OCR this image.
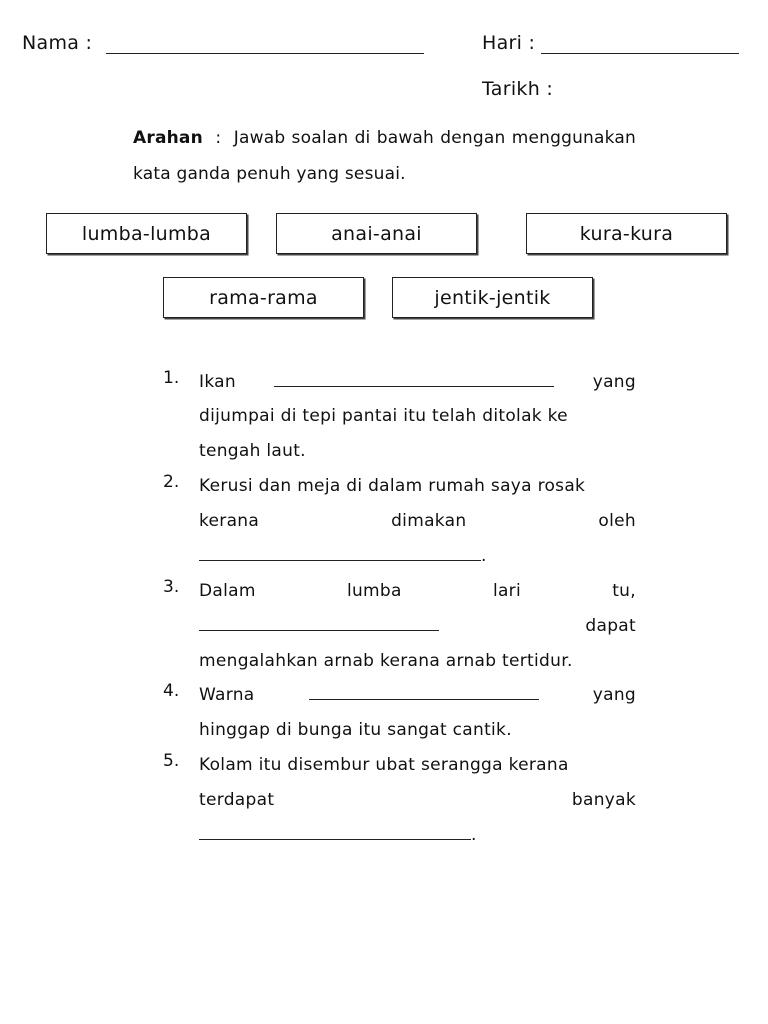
Nama :	Hari :
Tarikh :
Arahan : Jawab soalan di bawah dengan menggunakan kata ganda penuh yang sesuai.
lumba-lumba	anai-anai	kura-kura
rama-rama	jentik-jentik
1.	Ikan	yang
dijumpai di tepi pantai itu telah ditolak ke
tengah laut.
2.	Kerusi dan meja di dalam rumah saya rosak
kerana	dimakan	oleh
.
3.	Dalam	lumba	lari	tu,
dapat
mengalahkan arnab kerana arnab tertidur.
4.	Warna	yang
hinggap di bunga itu sangat cantik.
5.	Kolam itu disembur ubat serangga kerana
terdapat	banyak
.
